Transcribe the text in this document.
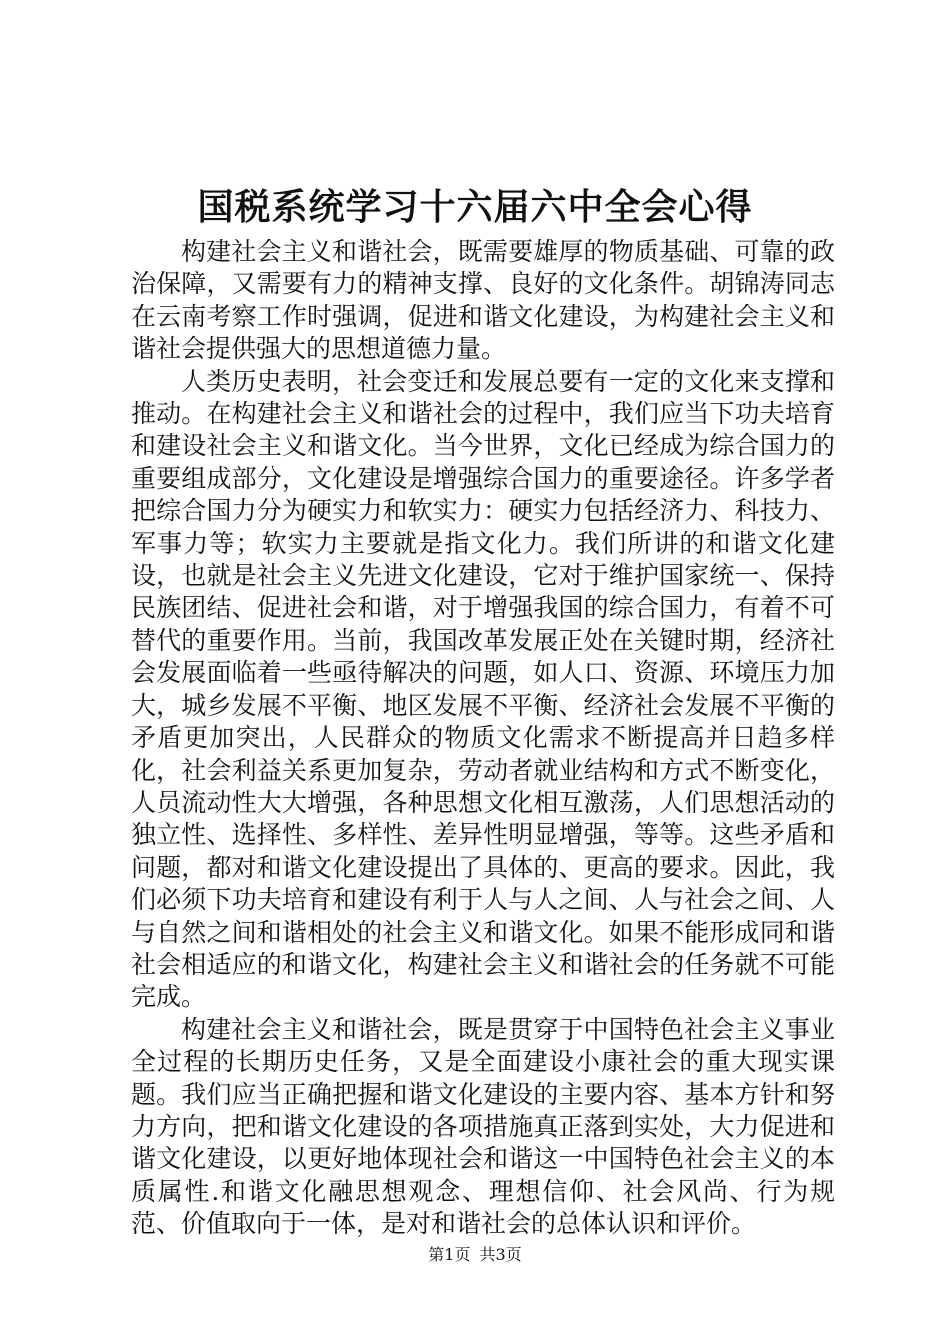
国税系统学习十六届六中全会心得

构建社会主义和谐社会，既需要雄厚的物质基础、可靠的政治保障，又需要有力的精神支撑、良好的文化条件。胡锦涛同志在云南考察工作时强调，促进和谐文化建设，为构建社会主义和谐社会提供强大的思想道德力量。

人类历史表明，社会变迁和发展总要有一定的文化来支撑和推动。在构建社会主义和谐社会的过程中，我们应当下功夫培育和建设社会主义和谐文化。当今世界，文化已经成为综合国力的重要组成部分，文化建设是增强综合国力的重要途径。许多学者把综合国力分为硬实力和软实力：硬实力包括经济力、科技力、军事力等；软实力主要就是指文化力。我们所讲的和谐文化建设，也就是社会主义先进文化建设，它对于维护国家统一、保持民族团结、促进社会和谐，对于增强我国的综合国力，有着不可替代的重要作用。当前，我国改革发展正处在关键时期，经济社会发展面临着一些亟待解决的问题，如人口、资源、环境压力加大，城乡发展不平衡、地区发展不平衡、经济社会发展不平衡的矛盾更加突出，人民群众的物质文化需求不断提高并日趋多样化，社会利益关系更加复杂，劳动者就业结构和方式不断变化，人员流动性大大增强，各种思想文化相互激荡，人们思想活动的独立性、选择性、多样性、差异性明显增强，等等。这些矛盾和问题，都对和谐文化建设提出了具体的、更高的要求。因此，我们必须下功夫培育和建设有利于人与人之间、人与社会之间、人与自然之间和谐相处的社会主义和谐文化。如果不能形成同和谐社会相适应的和谐文化，构建社会主义和谐社会的任务就不可能完成。

构建社会主义和谐社会，既是贯穿于中国特色社会主义事业全过程的长期历史任务，又是全面建设小康社会的重大现实课题。我们应当正确把握和谐文化建设的主要内容、基本方针和努力方向，把和谐文化建设的各项措施真正落到实处，大力促进和谐文化建设，以更好地体现社会和谐这一中国特色社会主义的本质属性.和谐文化融思想观念、理想信仰、社会风尚、行为规范、价值取向于一体，是对和谐社会的总体认识和评价。

第1页 共3页
